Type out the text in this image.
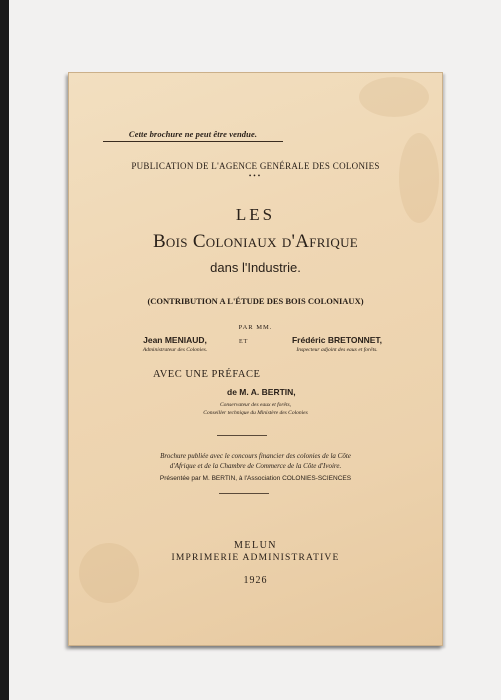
Cette brochure ne peut être vendue.
PUBLICATION DE L'AGENCE GENÉRALE DES COLONIES
•••
LES
Bois Coloniaux d'Afrique
dans l'Industrie.
(CONTRIBUTION A L'ÉTUDE DES BOIS COLONIAUX)
PAR MM.
Jean MENIAUD,
Administrateur des Colonies.
ET	Frédéric BRETONNET,
Inspecteur adjoint des eaux et forêts.
AVEC UNE PRÉFACE
de M. A. BERTIN,
Conservateur des eaux et forêts,
Conseiller technique du Ministère des Colonies
Brochure publiée avec le concours financier des colonies de la Côte
d'Afrique et de la Chambre de Commerce de la Côte d'Ivoire.
Présentée par M. BERTIN, à l'Association COLONIES-SCIENCES
MELUN
IMPRIMERIE ADMINISTRATIVE
1926
